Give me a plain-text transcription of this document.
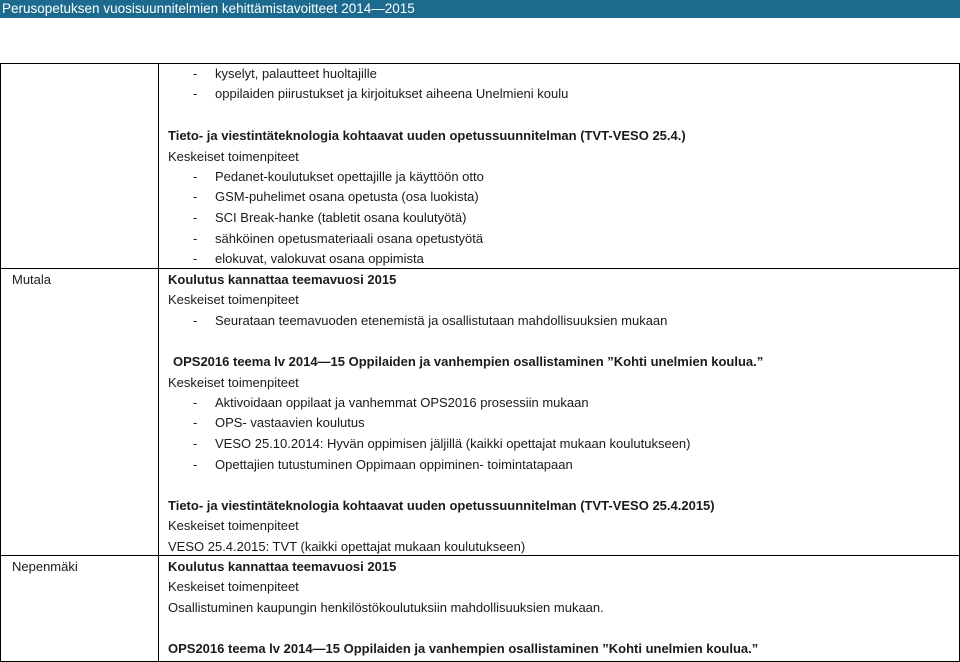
Perusopetuksen vuosisuunnitelmien kehittämistavoitteet 2014—2015
- kyselyt, palautteet huoltajille
- oppilaiden piirustukset ja kirjoitukset aiheena Unelmieni koulu
Tieto- ja viestintäteknologia kohtaavat uuden opetussuunnitelman (TVT-VESO 25.4.)
Keskeiset toimenpiteet
- Pedanet-koulutukset opettajille ja käyttöön otto
- GSM-puhelimet osana opetusta (osa luokista)
- SCI Break-hanke (tabletit osana koulutyötä)
- sähköinen opetusmateriaali osana opetustyötä
- elokuvat, valokuvat osana oppimista
Mutala	Koulutus kannattaa teemavuosi 2015
Keskeiset toimenpiteet
- Seurataan teemavuoden etenemistä ja osallistutaan mahdollisuuksien mukaan
OPS2016 teema lv 2014—15 Oppilaiden ja vanhempien osallistaminen ”Kohti unelmien koulua.”
Keskeiset toimenpiteet
- Aktivoidaan oppilaat ja vanhemmat OPS2016 prosessiin mukaan
- OPS- vastaavien koulutus
- VESO 25.10.2014: Hyvän oppimisen jäljillä (kaikki opettajat mukaan koulutukseen)
- Opettajien tutustuminen Oppimaan oppiminen- toimintatapaan
Tieto- ja viestintäteknologia kohtaavat uuden opetussuunnitelman (TVT-VESO 25.4.2015)
Keskeiset toimenpiteet
VESO 25.4.2015: TVT (kaikki opettajat mukaan koulutukseen)
Nepenmäki	Koulutus kannattaa teemavuosi 2015
Keskeiset toimenpiteet
Osallistuminen kaupungin henkilöstökoulutuksiin mahdollisuuksien mukaan.
OPS2016 teema lv 2014—15 Oppilaiden ja vanhempien osallistaminen ”Kohti unelmien koulua.”
